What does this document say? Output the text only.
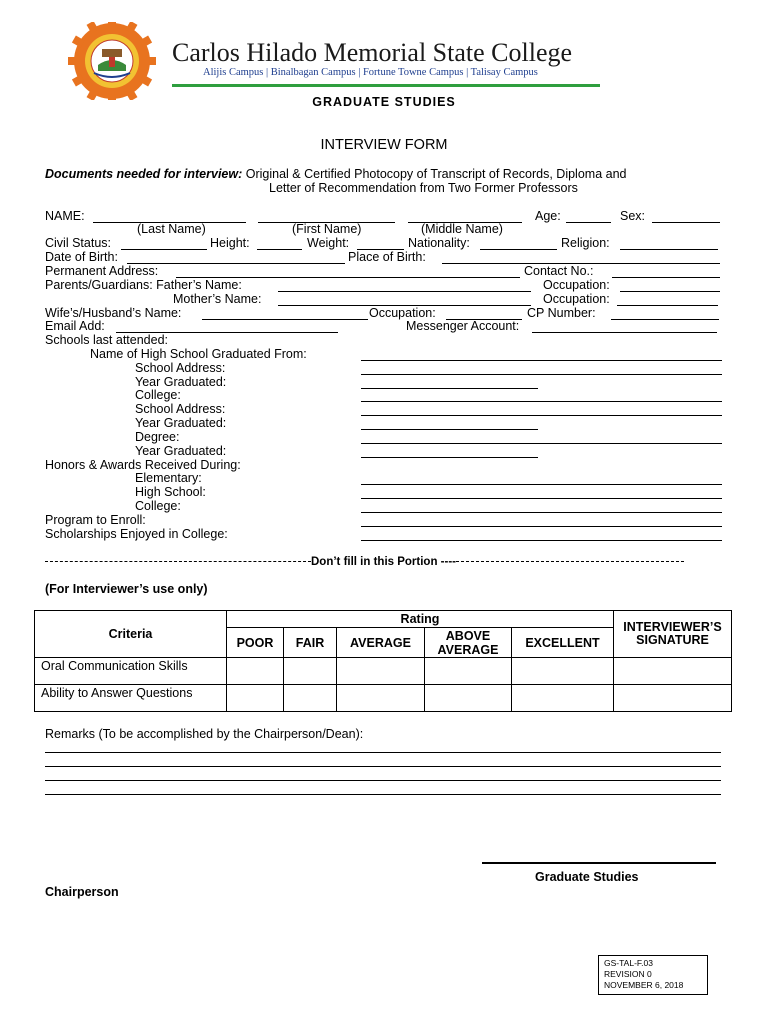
Carlos Hilado Memorial State College
Alijis Campus | Binalbagan Campus | Fortune Towne Campus | Talisay Campus
GRADUATE STUDIES
INTERVIEW FORM
Documents needed for interview: Original & Certified Photocopy of Transcript of Records, Diploma and
Letter of Recommendation from Two Former Professors
NAME:	Age:	Sex:
(Last Name)	(First Name)	(Middle Name)
Civil Status:	Height:	Weight:	Nationality:	Religion:
Date of Birth:	Place of Birth:
Permanent Address:	Contact No.:
Parents/Guardians: Father’s Name:	Occupation:
Mother’s Name:	Occupation:
Wife’s/Husband’s Name:	Occupation:	CP Number:
Email Add:	Messenger Account:
Schools last attended:
Name of High School Graduated From:
School Address:
Year Graduated:
College:
School Address:
Year Graduated:
Degree:
Year Graduated:
Honors & Awards Received During:
Elementary:
High School:
College:
Program to Enroll:
Scholarships Enjoyed in College:
Don’t fill in this Portion ----
(For Interviewer’s use only)
Criteria	Rating					INTERVIEWER’S SIGNATURE
	POOR	FAIR	AVERAGE	ABOVE AVERAGE	EXCELLENT	
Oral Communication Skills						
Ability to Answer Questions						
Remarks (To be accomplished by the Chairperson/Dean):
Graduate Studies
Chairperson
GS-TAL-F.03
REVISION 0
NOVEMBER 6, 2018
